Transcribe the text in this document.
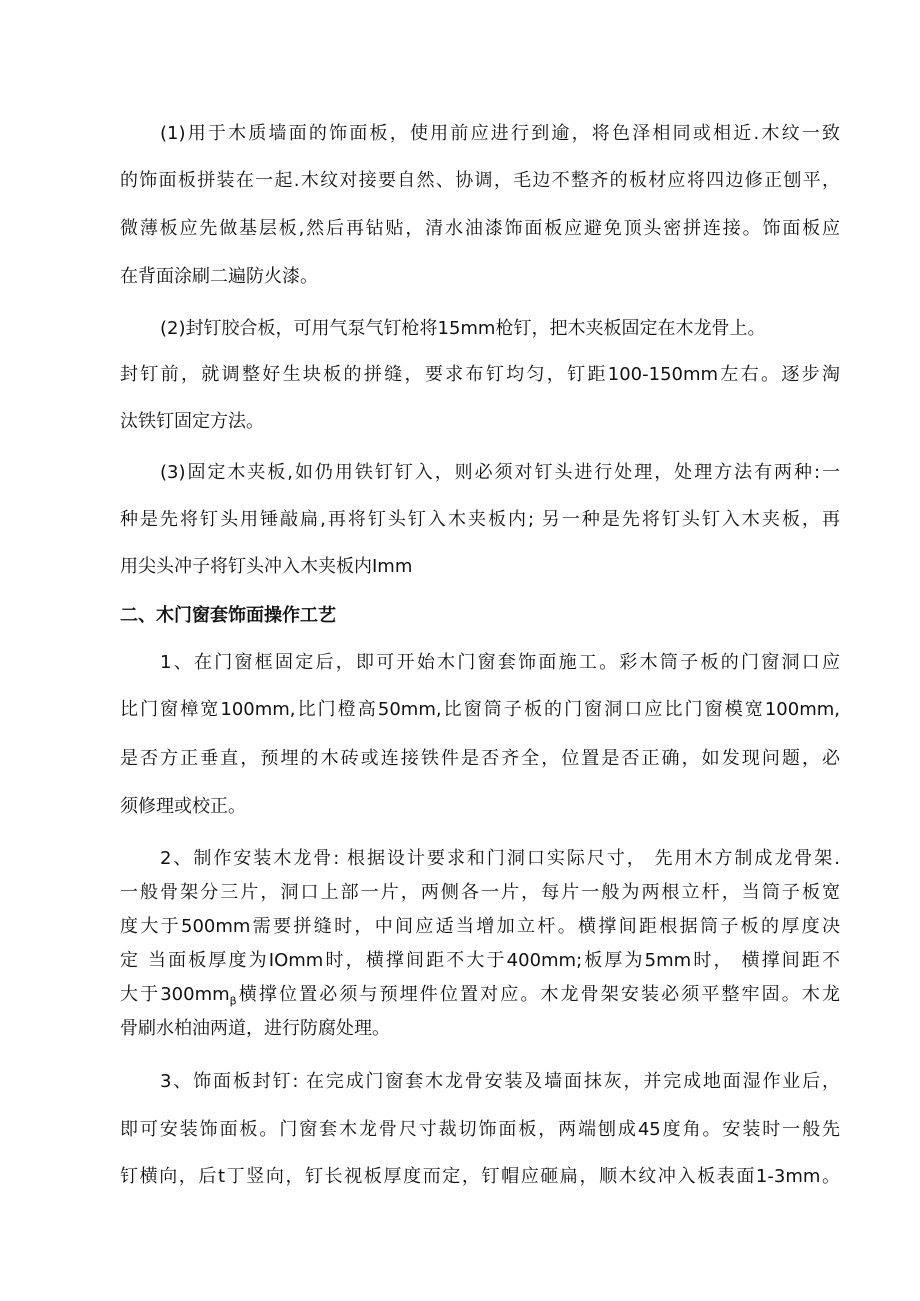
(1)用于木质墙面的饰面板，使用前应进行到逾，将色泽相同或相近.木纹一致

的饰面板拼装在一起.木纹对接要自然、协调，毛边不整齐的板材应将四边修正刨平，

微薄板应先做基层板,然后再钻贴，清水油漆饰面板应避免顶头密拼连接。饰面板应

在背面涂刷二遍防火漆。

(2)封钉胶合板，可用气泵气钉枪将15mm枪钉，把木夹板固定在木龙骨上。

封钉前，就调整好生块板的拼缝，要求布钉均匀，钉距100-150mm左右。逐步淘

汰铁钉固定方法。

(3)固定木夹板,如仍用铁钉钉入，则必须对钉头进行处理，处理方法有两种:一

种是先将钉头用锤敲扁,再将钉头钉入木夹板内; 另一种是先将钉头钉入木夹板，再

用尖头冲子将钉头冲入木夹板内Imm

二、木门窗套饰面操作工艺

1、在门窗框固定后，即可开始木门窗套饰面施工。彩木筒子板的门窗洞口应

比门窗樟宽100mm,比门橙高50mm,比窗筒子板的门窗洞口应比门窗模宽100mm,

是否方正垂直，预埋的木砖或连接铁件是否齐全，位置是否正确，如发现问题，必

须修理或校正。

2、制作安装木龙骨: 根据设计要求和门洞口实际尺寸， 先用木方制成龙骨架.

一般骨架分三片，洞口上部一片，两侧各一片，每片一般为两根立杆，当筒子板宽

度大于500mm需要拼缝时，中间应适当增加立杆。横撑间距根据筒子板的厚度决

定 当面板厚度为IOmm时，横撑间距不大于400mm;板厚为5mm时， 横撑间距不

大于$300mm_\beta$横撑位置必须与预埋件位置对应。木龙骨架安装必须平整牢固。木龙

骨刷水柏油两道，进行防腐处理。

3、饰面板封钉: 在完成门窗套木龙骨安装及墙面抹灰，并完成地面湿作业后，

即可安装饰面板。门窗套木龙骨尺寸裁切饰面板，两端刨成45度角。安装时一般先

钉横向，后t丁竖向，钉长视板厚度而定，钉帽应砸扁，顺木纹冲入板表面1-3mm。
